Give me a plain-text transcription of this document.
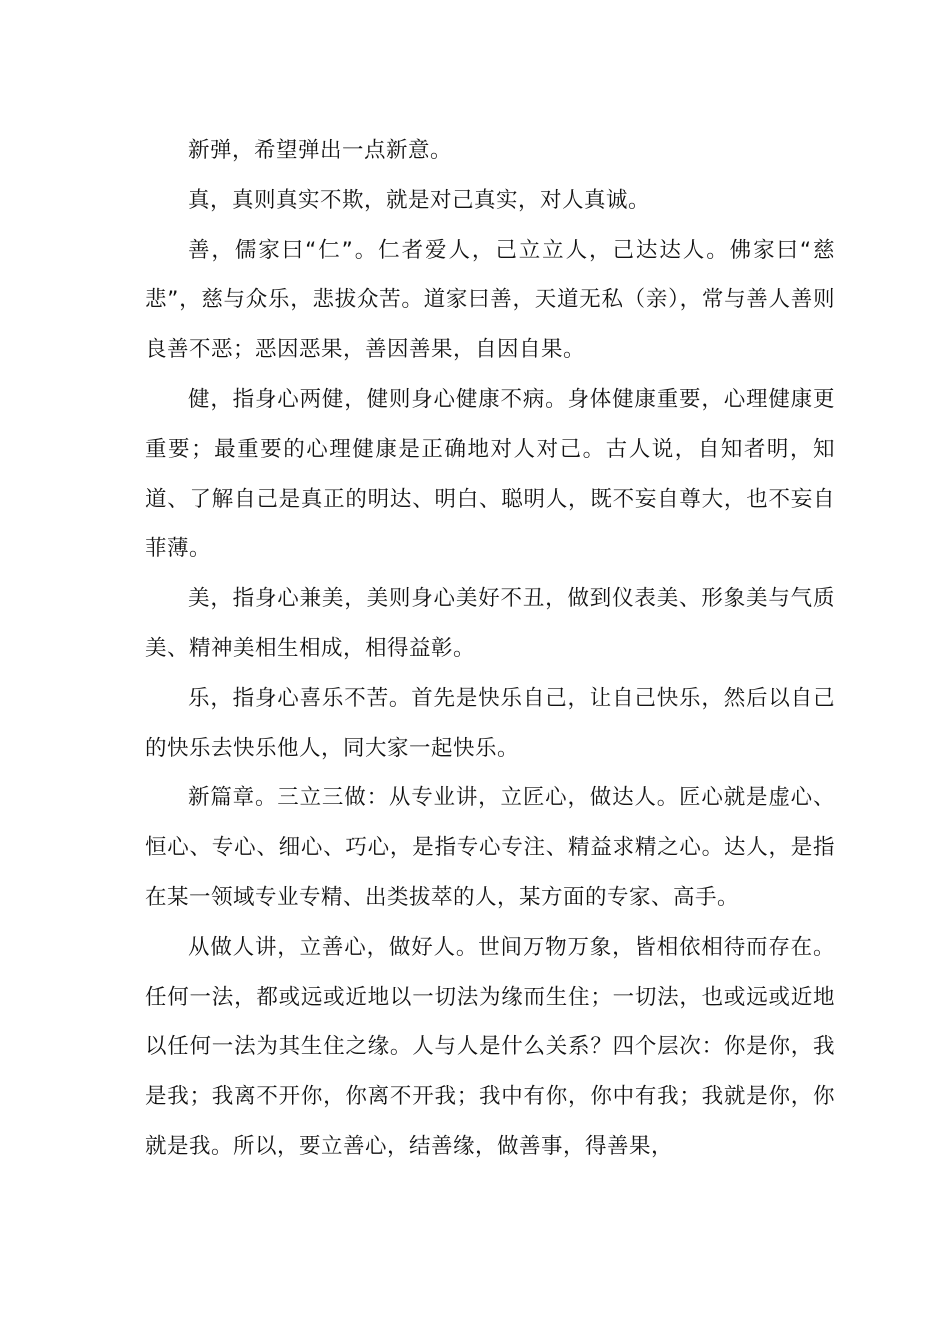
新弹，希望弹出一点新意。

真，真则真实不欺，就是对己真实，对人真诚。

善，儒家曰“仁”。仁者爱人，己立立人，己达达人。佛家曰“慈悲”，慈与众乐，悲拔众苦。道家曰善，天道无私（亲），常与善人善则良善不恶；恶因恶果，善因善果，自因自果。

健，指身心两健，健则身心健康不病。身体健康重要，心理健康更重要；最重要的心理健康是正确地对人对己。古人说，自知者明，知道、了解自己是真正的明达、明白、聪明人，既不妄自尊大，也不妄自菲薄。

美，指身心兼美，美则身心美好不丑，做到仪表美、形象美与气质美、精神美相生相成，相得益彰。

乐，指身心喜乐不苦。首先是快乐自己，让自己快乐，然后以自己的快乐去快乐他人，同大家一起快乐。

新篇章。三立三做：从专业讲，立匠心，做达人。匠心就是虚心、恒心、专心、细心、巧心，是指专心专注、精益求精之心。达人，是指在某一领域专业专精、出类拔萃的人，某方面的专家、高手。

从做人讲，立善心，做好人。世间万物万象，皆相依相待而存在。任何一法，都或远或近地以一切法为缘而生住；一切法，也或远或近地以任何一法为其生住之缘。人与人是什么关系？四个层次：你是你，我是我；我离不开你，你离不开我；我中有你，你中有我；我就是你，你就是我。所以，要立善心，结善缘，做善事，得善果，
